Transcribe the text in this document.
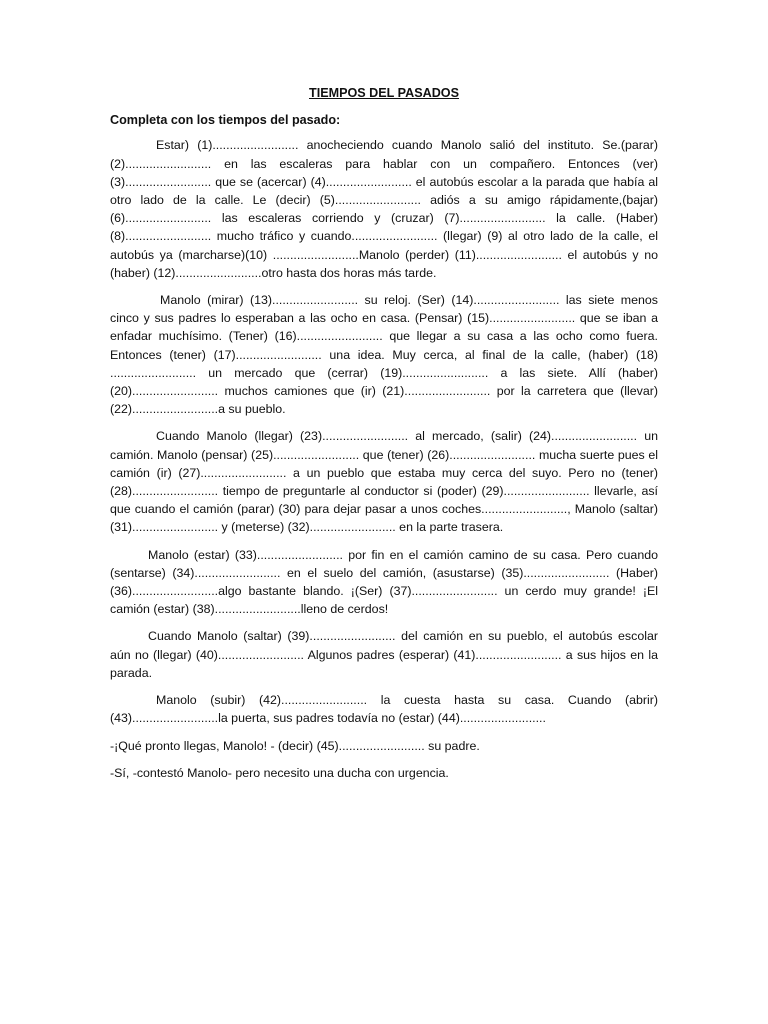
TIEMPOS DEL PASADOS
Completa con los tiempos del pasado:

Estar) (1)......................... anocheciendo cuando Manolo salió del instituto. Se.(parar) (2)......................... en las escaleras para hablar con un compañero. Entonces (ver) (3)......................... que se (acercar) (4)......................... el autobús escolar a la parada que había al otro lado de la calle. Le (decir) (5)......................... adiós a su amigo rápidamente,(bajar) (6)......................... las escaleras corriendo y (cruzar) (7)......................... la calle. (Haber) (8)......................... mucho tráfico y cuando......................... (llegar) (9) al otro lado de la calle, el autobús ya (marcharse)(10) .........................Manolo (perder) (11)......................... el autobús y no (haber) (12).........................otro hasta dos horas más tarde.

Manolo (mirar) (13)......................... su reloj. (Ser) (14)......................... las siete menos cinco y sus padres lo esperaban a las ocho en casa. (Pensar) (15)......................... que se iban a enfadar muchísimo. (Tener) (16)......................... que llegar a su casa a las ocho como fuera. Entonces (tener) (17)......................... una idea. Muy cerca, al final de la calle, (haber) (18) ......................... un mercado que (cerrar) (19)......................... a las siete. Allí (haber) (20)......................... muchos camiones que (ir) (21)......................... por la carretera que (llevar) (22).........................a su pueblo.

Cuando Manolo (llegar) (23)......................... al mercado, (salir) (24)......................... un camión. Manolo (pensar) (25)......................... que (tener) (26)......................... mucha suerte pues el camión (ir) (27)......................... a un pueblo que estaba muy cerca del suyo. Pero no (tener) (28)......................... tiempo de preguntarle al conductor si (poder) (29)......................... llevarle, así que cuando el camión (parar) (30) para dejar pasar a unos coches........................., Manolo (saltar) (31)......................... y (meterse) (32)......................... en la parte trasera.

Manolo (estar) (33)......................... por fin en el camión camino de su casa. Pero cuando (sentarse) (34)......................... en el suelo del camión, (asustarse) (35)......................... (Haber) (36).........................algo bastante blando. ¡(Ser) (37)......................... un cerdo muy grande! ¡El camión (estar) (38).........................lleno de cerdos!

Cuando Manolo (saltar) (39)......................... del camión en su pueblo, el autobús escolar aún no (llegar) (40)......................... Algunos padres (esperar) (41)......................... a sus hijos en la parada.

Manolo (subir) (42)......................... la cuesta hasta su casa. Cuando (abrir) (43).........................la puerta, sus padres todavía no (estar) (44).........................

-¡Qué pronto llegas, Manolo! - (decir) (45)......................... su padre.

-Sí, -contestó Manolo- pero necesito una ducha con urgencia.
